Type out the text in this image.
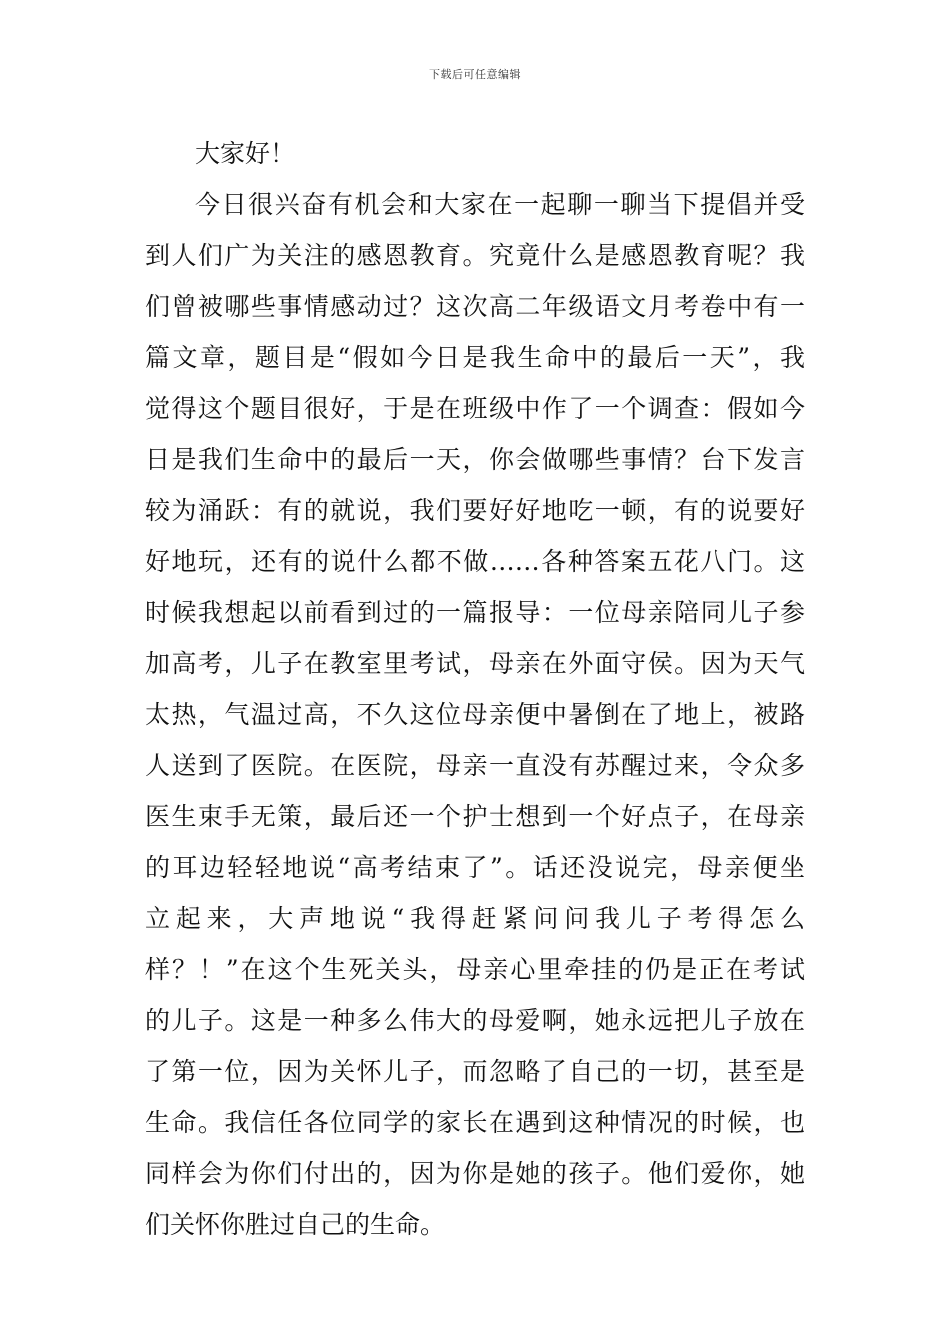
下载后可任意编辑
大家好！
今日很兴奋有机会和大家在一起聊一聊当下提倡并受
到人们广为关注的感恩教育。究竟什么是感恩教育呢？我
们曾被哪些事情感动过？这次高二年级语文月考卷中有一
篇文章，题目是“假如今日是我生命中的最后一天”，我
觉得这个题目很好，于是在班级中作了一个调查：假如今
日是我们生命中的最后一天，你会做哪些事情？台下发言
较为涌跃：有的就说，我们要好好地吃一顿，有的说要好
好地玩，还有的说什么都不做……各种答案五花八门。这
时候我想起以前看到过的一篇报导：一位母亲陪同儿子参
加高考，儿子在教室里考试，母亲在外面守侯。因为天气
太热，气温过高，不久这位母亲便中暑倒在了地上，被路
人送到了医院。在医院，母亲一直没有苏醒过来，令众多
医生束手无策，最后还一个护士想到一个好点子，在母亲
的耳边轻轻地说“高考结束了”。话还没说完，母亲便坐
立起来，大声地说“我得赶紧问问我儿子考得怎么
样？！”在这个生死关头，母亲心里牵挂的仍是正在考试
的儿子。这是一种多么伟大的母爱啊，她永远把儿子放在
了第一位，因为关怀儿子，而忽略了自己的一切，甚至是
生命。我信任各位同学的家长在遇到这种情况的时候，也
同样会为你们付出的，因为你是她的孩子。他们爱你，她
们关怀你胜过自己的生命。
